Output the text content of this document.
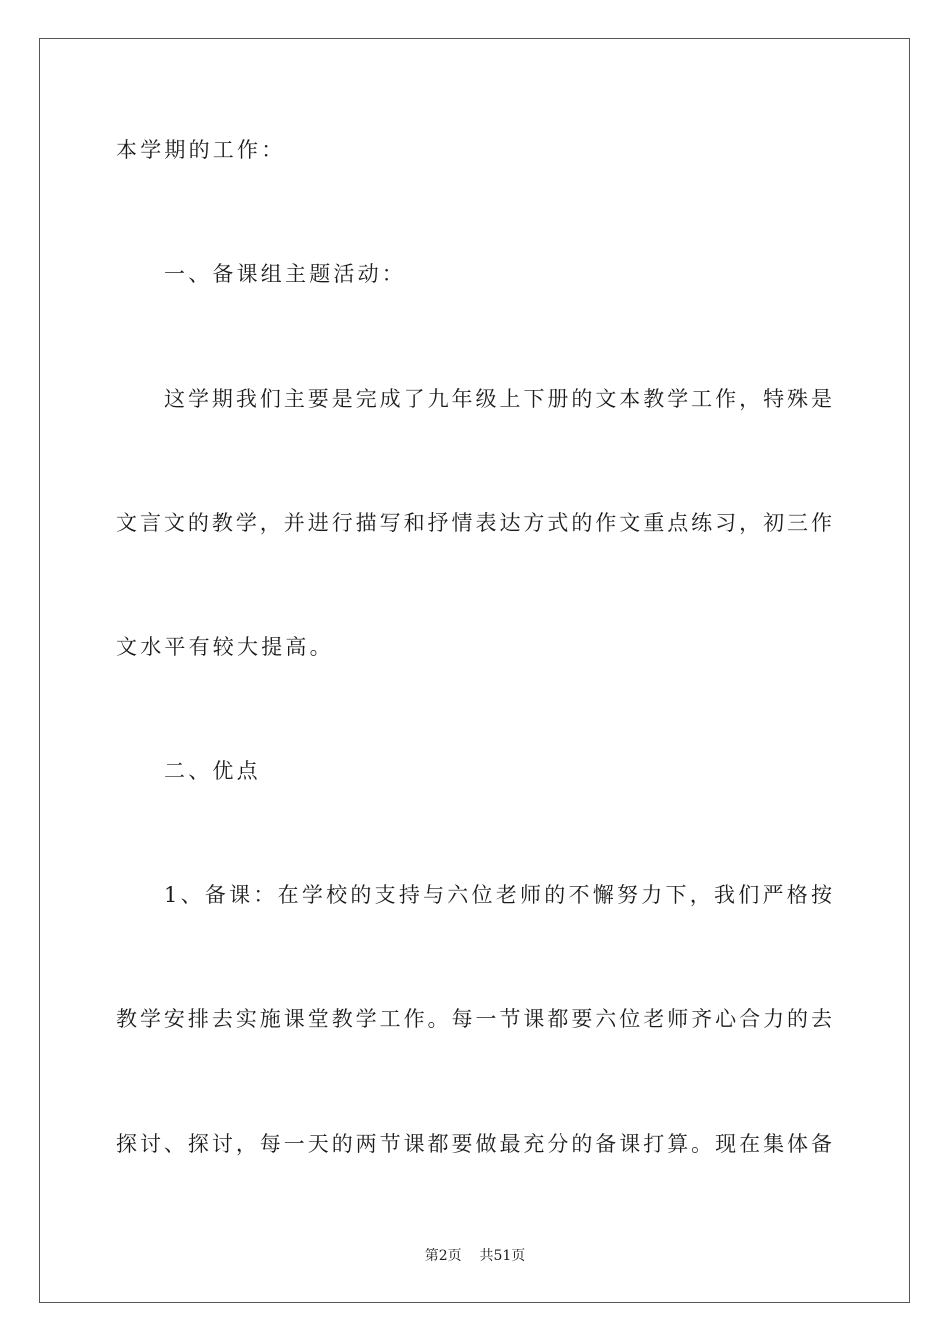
本学期的工作：
一、备课组主题活动：
这学期我们主要是完成了九年级上下册的文本教学工作，特殊是
文言文的教学，并进行描写和抒情表达方式的作文重点练习，初三作
文水平有较大提高。
二、优点
1、备课：在学校的支持与六位老师的不懈努力下，我们严格按
教学安排去实施课堂教学工作。每一节课都要六位老师齐心合力的去
探讨、探讨，每一天的两节课都要做最充分的备课打算。现在集体备
第2页    共51页
